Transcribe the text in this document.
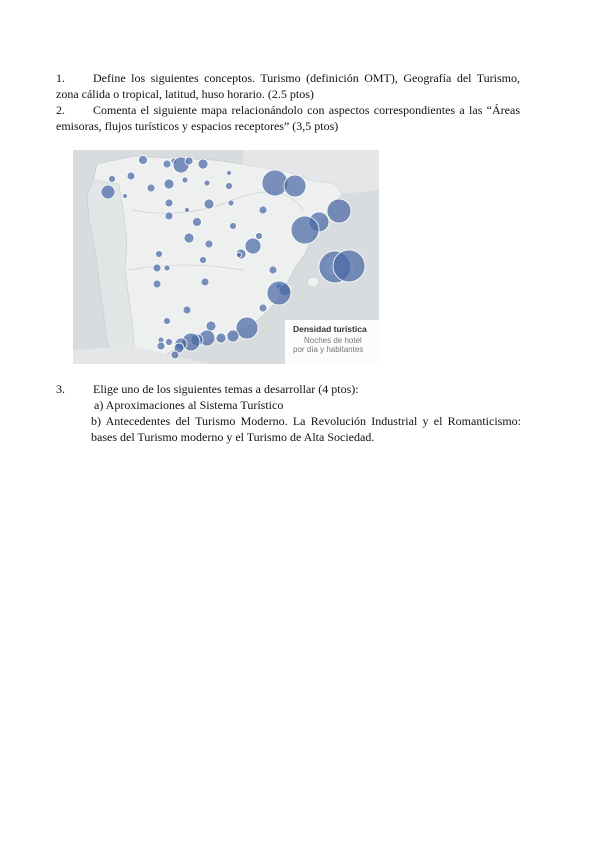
1.	Define los siguientes conceptos. Turismo (definición OMT), Geografía del Turismo,
zona cálida o tropical, latitud, huso horario. (2.5 ptos)
2.	Comenta el siguiente mapa relacionándolo con aspectos correspondientes a las “Áreas
emisoras, flujos turísticos y espacios receptores” (3,5 ptos)
Densidad turística
Noches de hotel
por día y habitantes
3.	Elige uno de los siguientes temas a desarrollar (4 ptos):
a) Aproximaciones al Sistema Turístico
b) Antecedentes del Turismo Moderno. La Revolución Industrial y el Romanticismo:
bases del Turismo moderno y el Turismo de Alta Sociedad.
